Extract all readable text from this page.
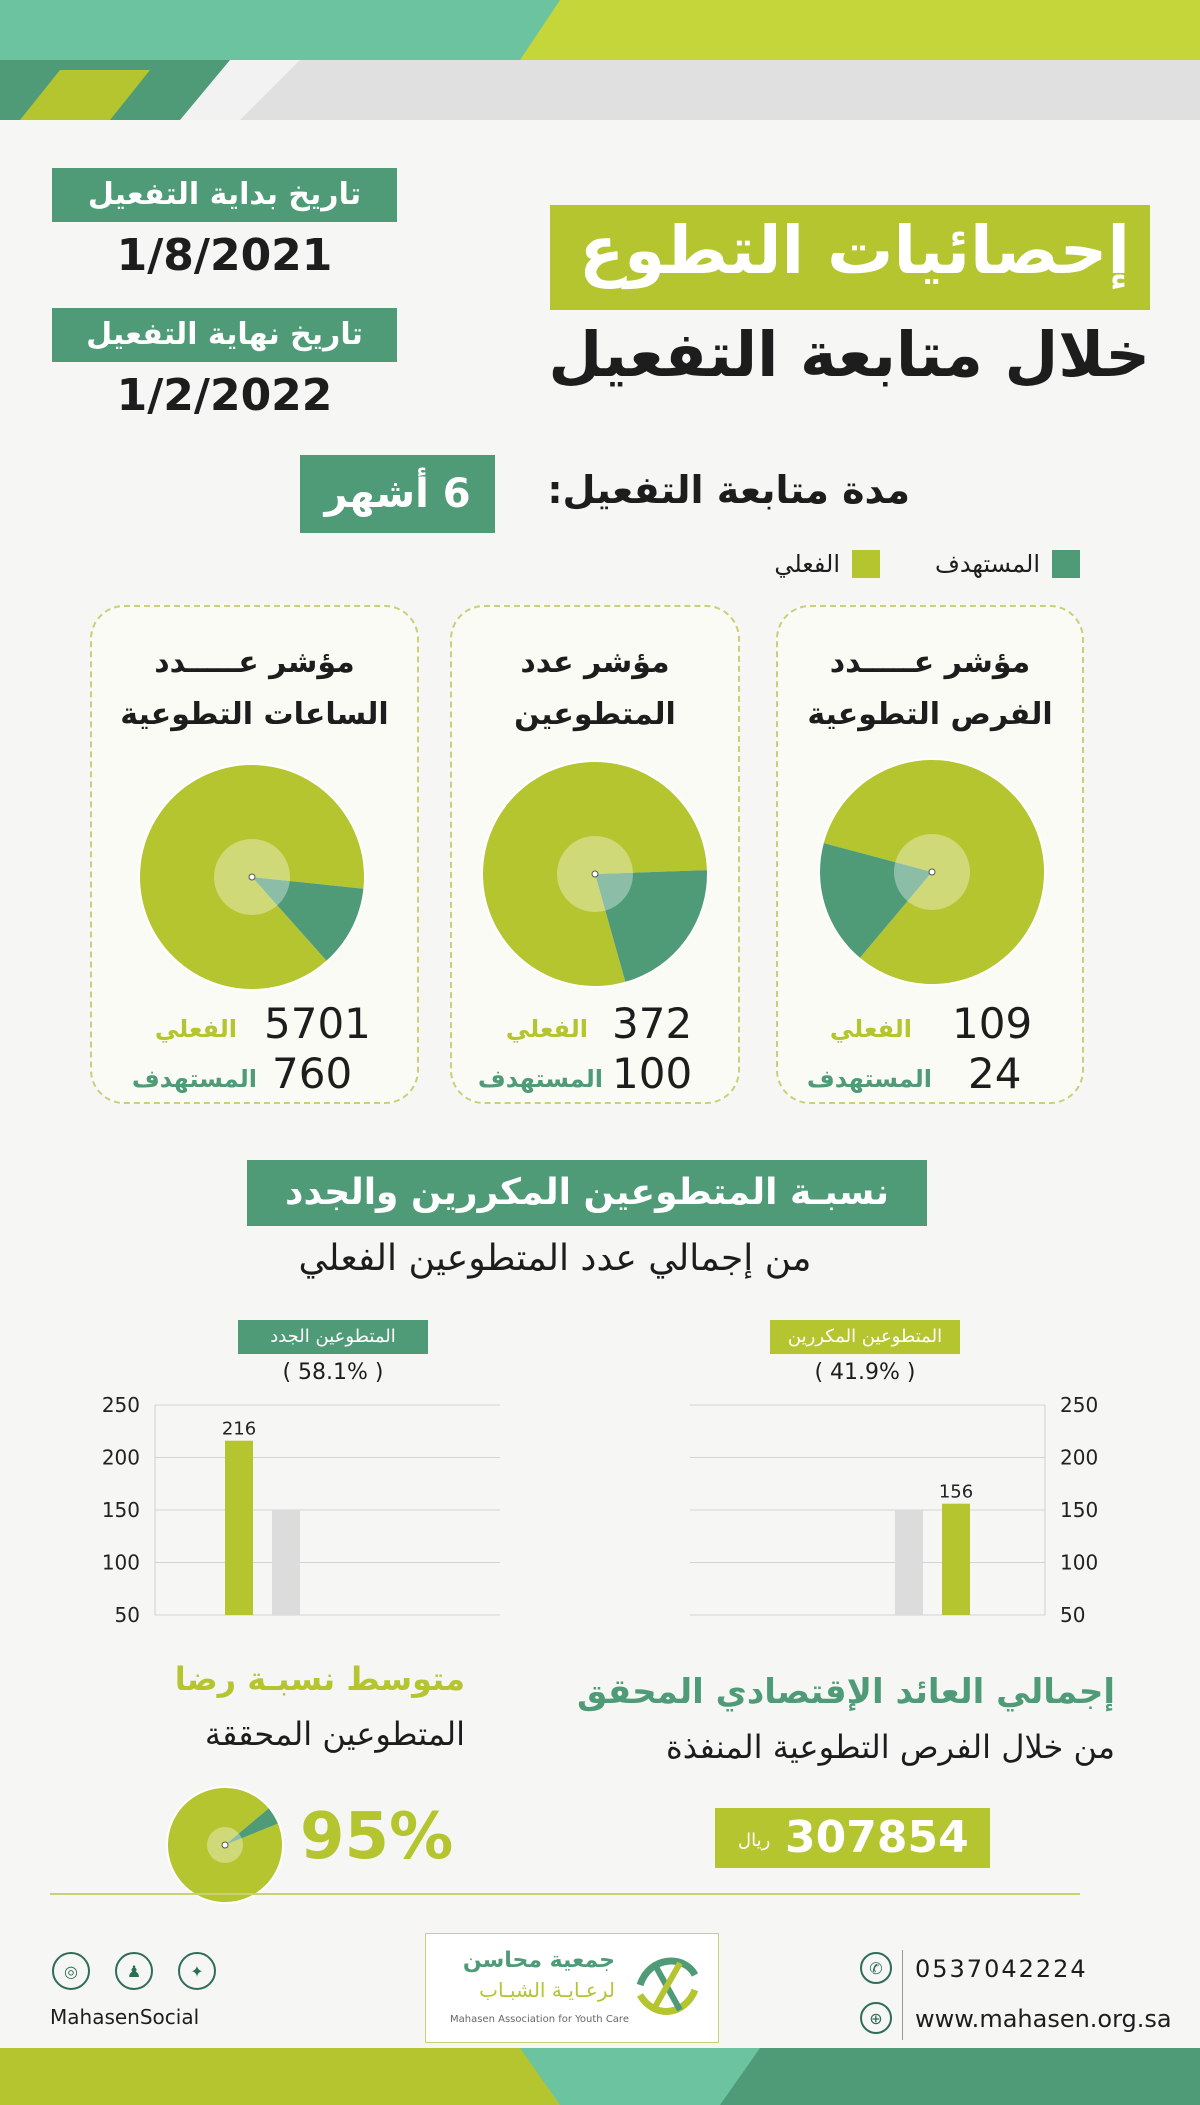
إحصائيات التطوع
خلال متابعة التفعيل
تاريخ بداية التفعيل
1/8/2021
تاريخ نهاية التفعيل
1/2/2022
مدة متابعة التفعيل:
6 أشهر
المستهدف
الفعلي
مؤشر عـــــدد
الفرص التطوعية
109
الفعلي
24
المستهدف
مؤشر عدد
المتطوعين
372
الفعلي
100
المستهدف
مؤشر عـــــدد
الساعات التطوعية
5701
الفعلي
760
المستهدف
نسبـة المتطوعين المكررين والجدد
من إجمالي عدد المتطوعين الفعلي
المتطوعين الجدد
( 58.1% )
250
200
150
100
50
216
المتطوعين المكررين
( 41.9% )
250
200
150
100
50
156
متوسط نسبـة رضا
المتطوعين المحققة
95%
إجمالي العائد الإقتصادي المحقق
من خلال الفرص التطوعية المنفذة
307854
ريال
◎	♟	✦
MahasenSocial
جمعية محاسن
لرعـايـة الشبـاب
Mahasen Association for Youth Care
✆	0537042224
⊕	www.mahasen.org.sa
